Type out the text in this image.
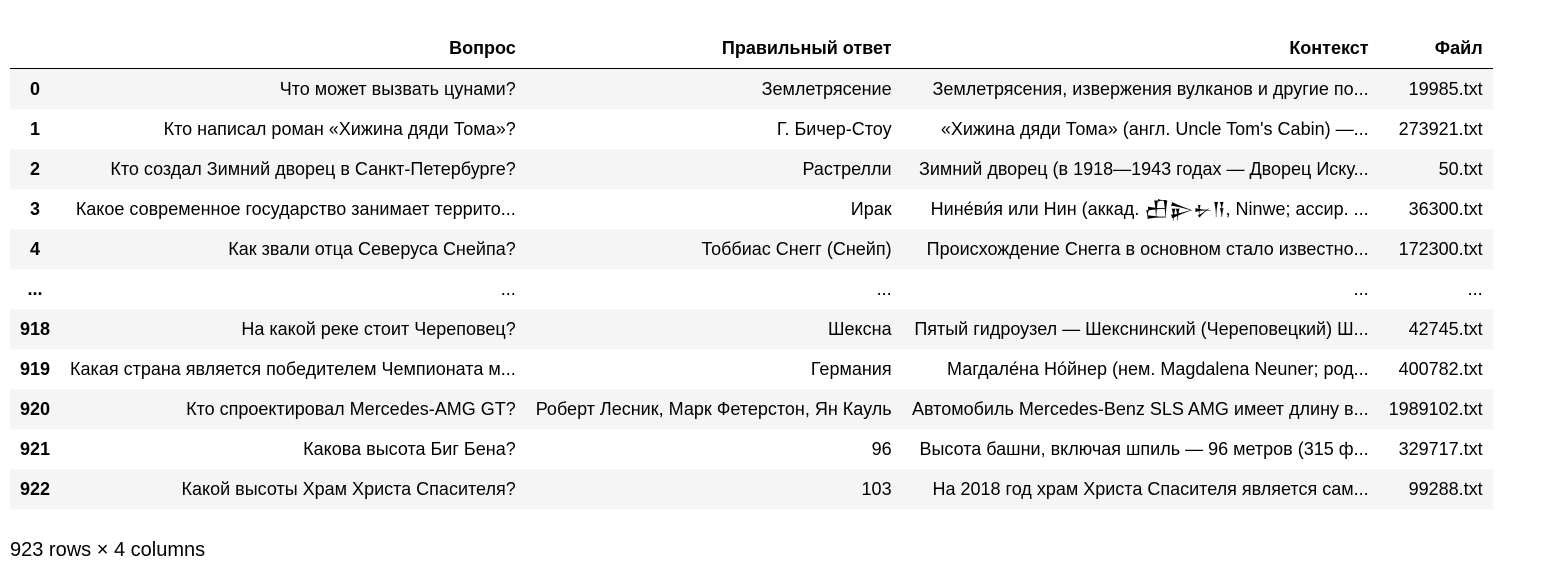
	Вопрос	Правильный ответ	Контекст	Файл
0	Что может вызвать цунами?	Землетрясение	Землетрясения, извержения вулканов и другие по...	19985.txt
1	Кто написал роман «Хижина дяди Тома»?	Г. Бичер-Стоу	«Хижина дяди Тома» (англ. Uncle Tom's Cabin) —...	273921.txt
2	Кто создал Зимний дворец в Санкт-Петербурге?	Растрелли	Зимний дворец (в 1918—1943 годах — Дворец Иску...	50.txt
3	Какое современное государство занимает террито...	Ирак	Нине́ви́я или Нин (аккад. 𒌷𒉌𒉡𒀀, Ninwe; ассир. ...	36300.txt
4	Как звали отца Северуса Снейпа?	Тоббиас Снегг (Снейп)	Происхождение Снегга в основном стало известно...	172300.txt
...	...	...	...	...
918	На какой реке стоит Череповец?	Шексна	Пятый гидроузел — Шекснинский (Череповецкий) Ш...	42745.txt
919	Какая страна является победителем Чемпионата м...	Германия	Магдале́на Нóйнер (нем. Magdalena Neuner; род...	400782.txt
920	Кто спроектировал Mercedes-AMG GT?	Роберт Лесник, Марк Фетерстон, Ян Кауль	Автомобиль Mercedes-Benz SLS AMG имеет длину в...	1989102.txt
921	Какова высота Биг Бена?	96	Высота башни, включая шпиль — 96 метров (315 ф...	329717.txt
922	Какой высоты Храм Христа Спасителя?	103	На 2018 год храм Христа Спасителя является сам...	99288.txt
923 rows × 4 columns
